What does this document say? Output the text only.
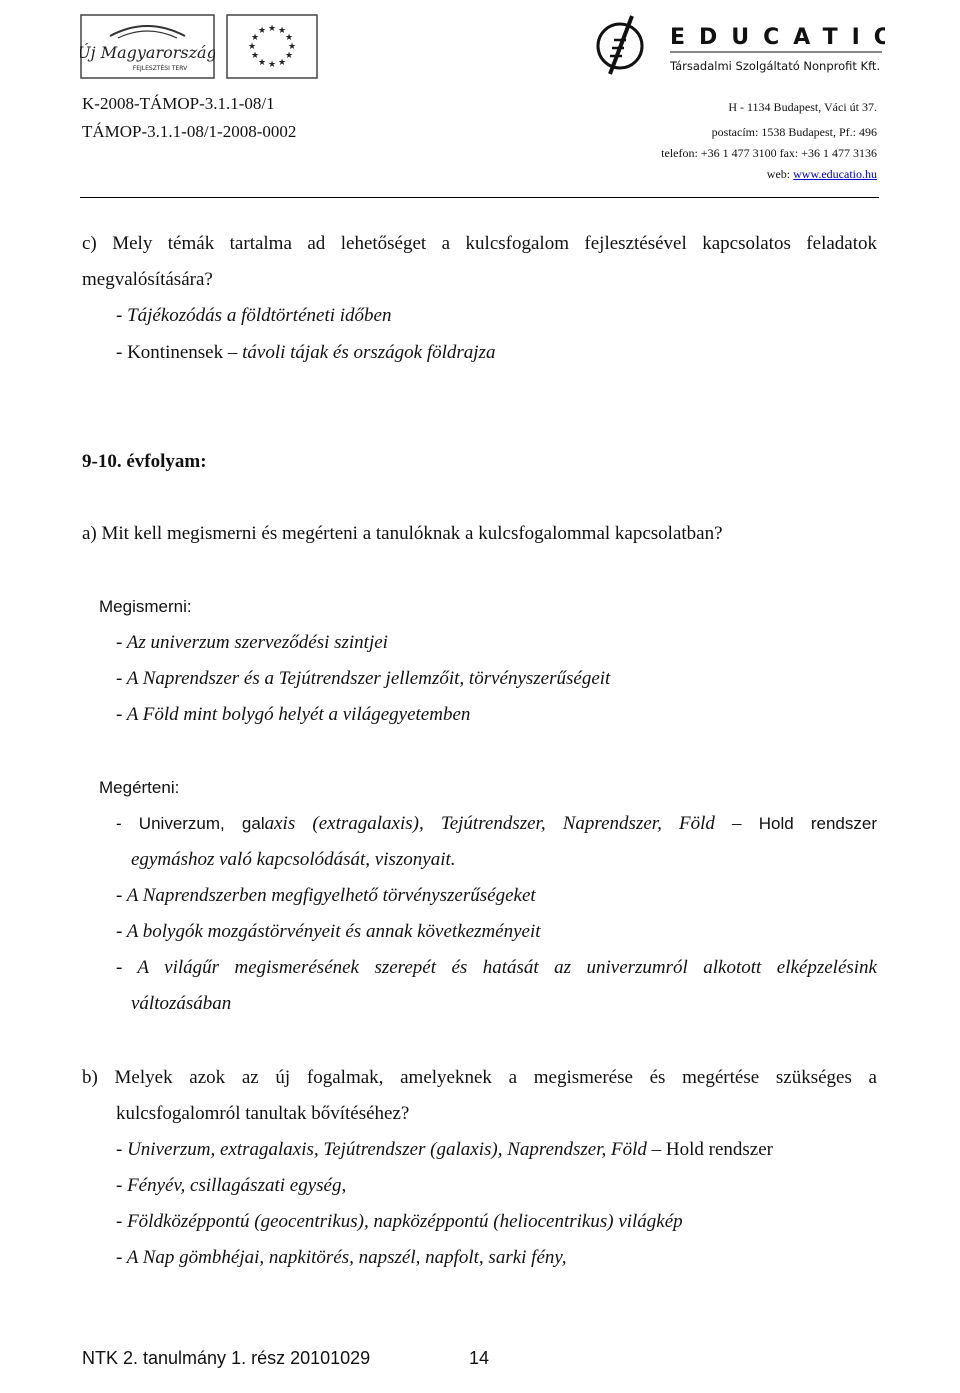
Új Magyarország
FEJLESZTÉSI TERV
★ ★
★
★
★
★
★
★
★
★
★
★	EDUCATIO
Társadalmi Szolgáltató Nonprofit Kft.
K-2008-TÁMOP-3.1.1-08/1
TÁMOP-3.1.1-08/1-2008-0002
H - 1134 Budapest, Váci út 37.
postacím: 1538 Budapest, Pf.: 496
telefon: +36 1 477 3100 fax: +36 1 477 3136
web: www.educatio.hu
c) Mely témák tartalma ad lehetőséget a kulcsfogalom fejlesztésével kapcsolatos feladatok
megvalósítására?
- Tájékozódás a földtörténeti időben
- Kontinensek – távoli tájak és országok földrajza
9-10. évfolyam:
a) Mit kell megismerni és megérteni a tanulóknak a kulcsfogalommal kapcsolatban?
Megismerni:
- Az univerzum szerveződési szintjei
- A Naprendszer és a Tejútrendszer jellemzőit, törvényszerűségeit
- A Föld mint bolygó helyét a világegyetemben
Megérteni:
- Univerzum, galaxis (extragalaxis), Tejútrendszer, Naprendszer, Föld – Hold rendszer
egymáshoz való kapcsolódását, viszonyait.
- A Naprendszerben megfigyelhető törvényszerűségeket
- A bolygók mozgástörvényeit és annak következményeit
- A világűr megismerésének szerepét és hatását az univerzumról alkotott elképzelésink
változásában
b) Melyek azok az új fogalmak, amelyeknek a megismerése és megértése szükséges a
kulcsfogalomról tanultak bővítéséhez?
- Univerzum, extragalaxis, Tejútrendszer (galaxis), Naprendszer, Föld – Hold rendszer
- Fényév, csillagászati egység,
- Földközéppontú (geocentrikus), napközéppontú (heliocentrikus) világkép
- A Nap gömbhéjai, napkitörés, napszél, napfolt, sarki fény,
NTK 2. tanulmány 1. rész 20101029	14
